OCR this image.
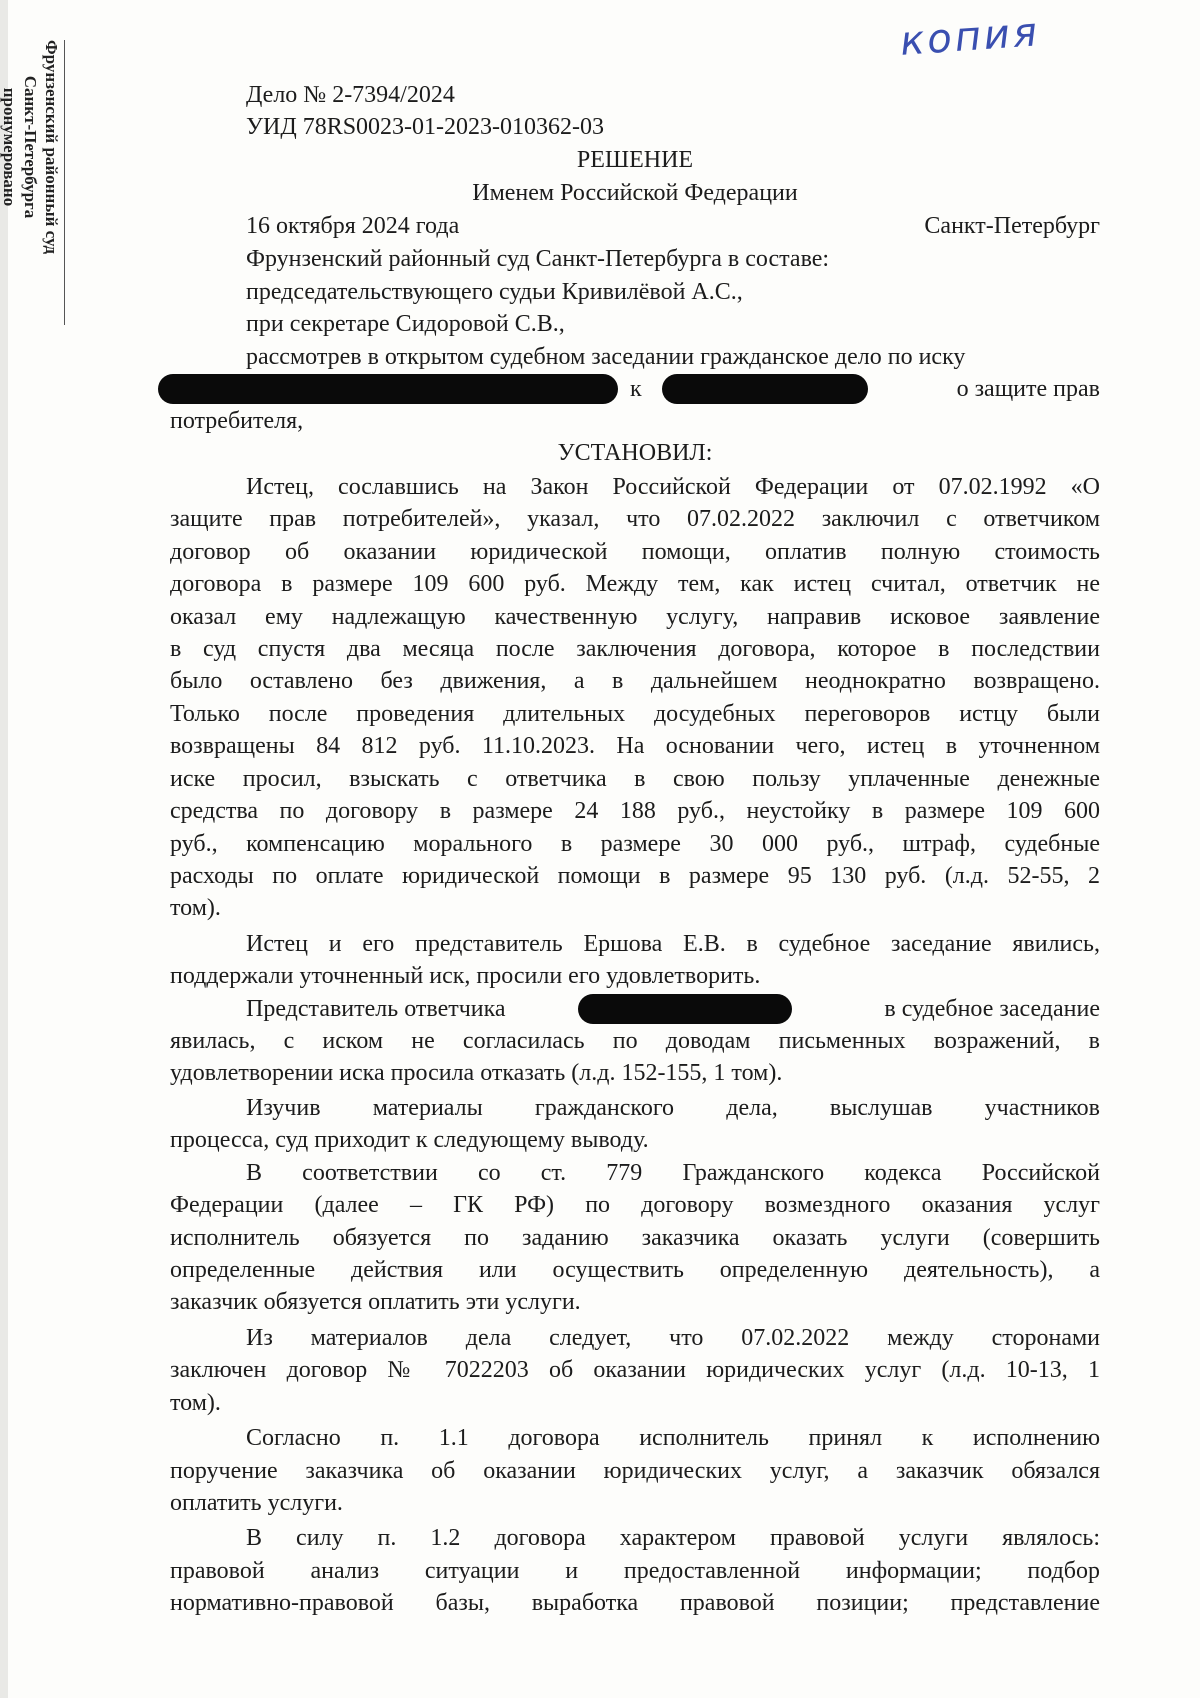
Фрунзенский районный суд
Санкт-Петербурга
пронумеровано
копия
Дело № 2-7394/2024
УИД 78RS0023-01-2023-010362-03
РЕШЕНИЕ
Именем Российской Федерации
16 октября 2024 года	Санкт-Петербург
Фрунзенский районный суд Санкт-Петербурга в составе:
председательствующего судьи Кривилёвой А.С.,
при секретаре Сидоровой С.В.,
рассмотрев в открытом судебном заседании гражданское дело по иску
к	о защите прав
потребителя,
УСТАНОВИЛ:
Истец, сославшись на Закон Российской Федерации от 07.02.1992 «О
защите прав потребителей», указал, что 07.02.2022 заключил с ответчиком
договор об оказании юридической помощи, оплатив полную стоимость
договора в размере 109 600 руб. Между тем, как истец считал, ответчик не
оказал ему надлежащую качественную услугу, направив исковое заявление
в суд спустя два месяца после заключения договора, которое в последствии
было оставлено без движения, а в дальнейшем неоднократно возвращено.
Только после проведения длительных досудебных переговоров истцу были
возвращены 84 812 руб. 11.10.2023. На основании чего, истец в уточненном
иске просил, взыскать с ответчика в свою пользу уплаченные денежные
средства по договору в размере 24 188 руб., неустойку в размере 109 600
руб., компенсацию морального в размере 30 000 руб., штраф, судебные
расходы по оплате юридической помощи в размере 95 130 руб. (л.д. 52-55, 2
том).
Истец и его представитель Ершова Е.В. в судебное заседание явились,
поддержали уточненный иск, просили его удовлетворить.
Представитель ответчика	в судебное заседание
явилась, с иском не согласилась по доводам письменных возражений, в
удовлетворении иска просила отказать (л.д. 152-155, 1 том).
Изучив материалы гражданского дела, выслушав участников
процесса, суд приходит к следующему выводу.
В соответствии со ст. 779 Гражданского кодекса Российской
Федерации (далее – ГК РФ) по договору возмездного оказания услуг
исполнитель обязуется по заданию заказчика оказать услуги (совершить
определенные действия или осуществить определенную деятельность), а
заказчик обязуется оплатить эти услуги.
Из материалов дела следует, что 07.02.2022 между сторонами
заключен договор № 7022203 об оказании юридических услуг (л.д. 10-13, 1
том).
Согласно п. 1.1 договора исполнитель принял к исполнению
поручение заказчика об оказании юридических услуг, а заказчик обязался
оплатить услуги.
В силу п. 1.2 договора характером правовой услуги являлось:
правовой анализ ситуации и предоставленной информации; подбор
нормативно-правовой базы, выработка правовой позиции; представление
